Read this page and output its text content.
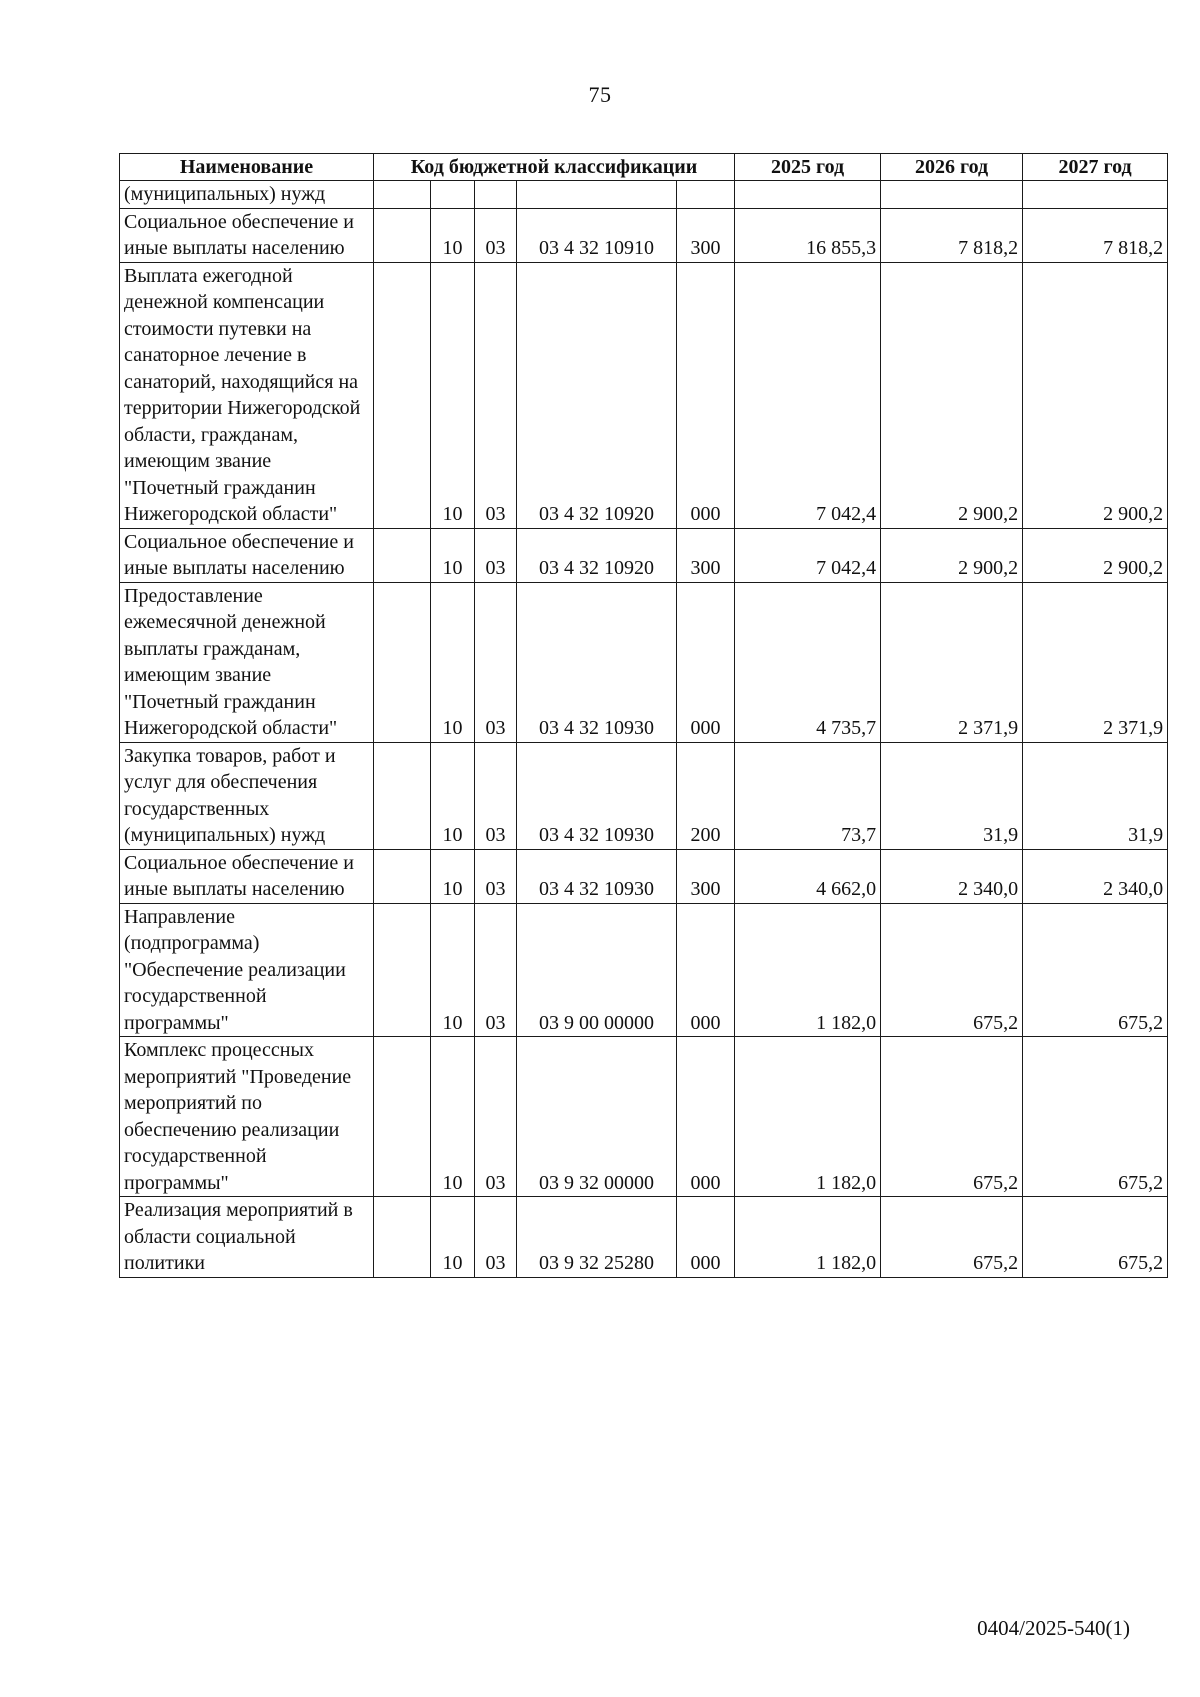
75
Наименование	Код бюджетной классификации					2025 год	2026 год	2027 год
(муниципальных) нужд								
Социальное обеспечение и иные выплаты населению		10	03	03 4 32 10910	300	16 855,3	7 818,2	7 818,2
Выплата ежегодной денежной компенсации стоимости путевки на санаторное лечение в санаторий, находящийся на территории Нижегородской области, гражданам, имеющим звание "Почетный гражданин Нижегородской области"		10	03	03 4 32 10920	000	7 042,4	2 900,2	2 900,2
Социальное обеспечение и иные выплаты населению		10	03	03 4 32 10920	300	7 042,4	2 900,2	2 900,2
Предоставление ежемесячной денежной выплаты гражданам, имеющим звание "Почетный гражданин Нижегородской области"		10	03	03 4 32 10930	000	4 735,7	2 371,9	2 371,9
Закупка товаров, работ и услуг для обеспечения государственных (муниципальных) нужд		10	03	03 4 32 10930	200	73,7	31,9	31,9
Социальное обеспечение и иные выплаты населению		10	03	03 4 32 10930	300	4 662,0	2 340,0	2 340,0
Направление (подпрограмма) "Обеспечение реализации государственной программы"		10	03	03 9 00 00000	000	1 182,0	675,2	675,2
Комплекс процессных мероприятий "Проведение мероприятий по обеспечению реализации государственной программы"		10	03	03 9 32 00000	000	1 182,0	675,2	675,2
Реализация мероприятий в области социальной политики		10	03	03 9 32 25280	000	1 182,0	675,2	675,2
0404/2025-540(1)
